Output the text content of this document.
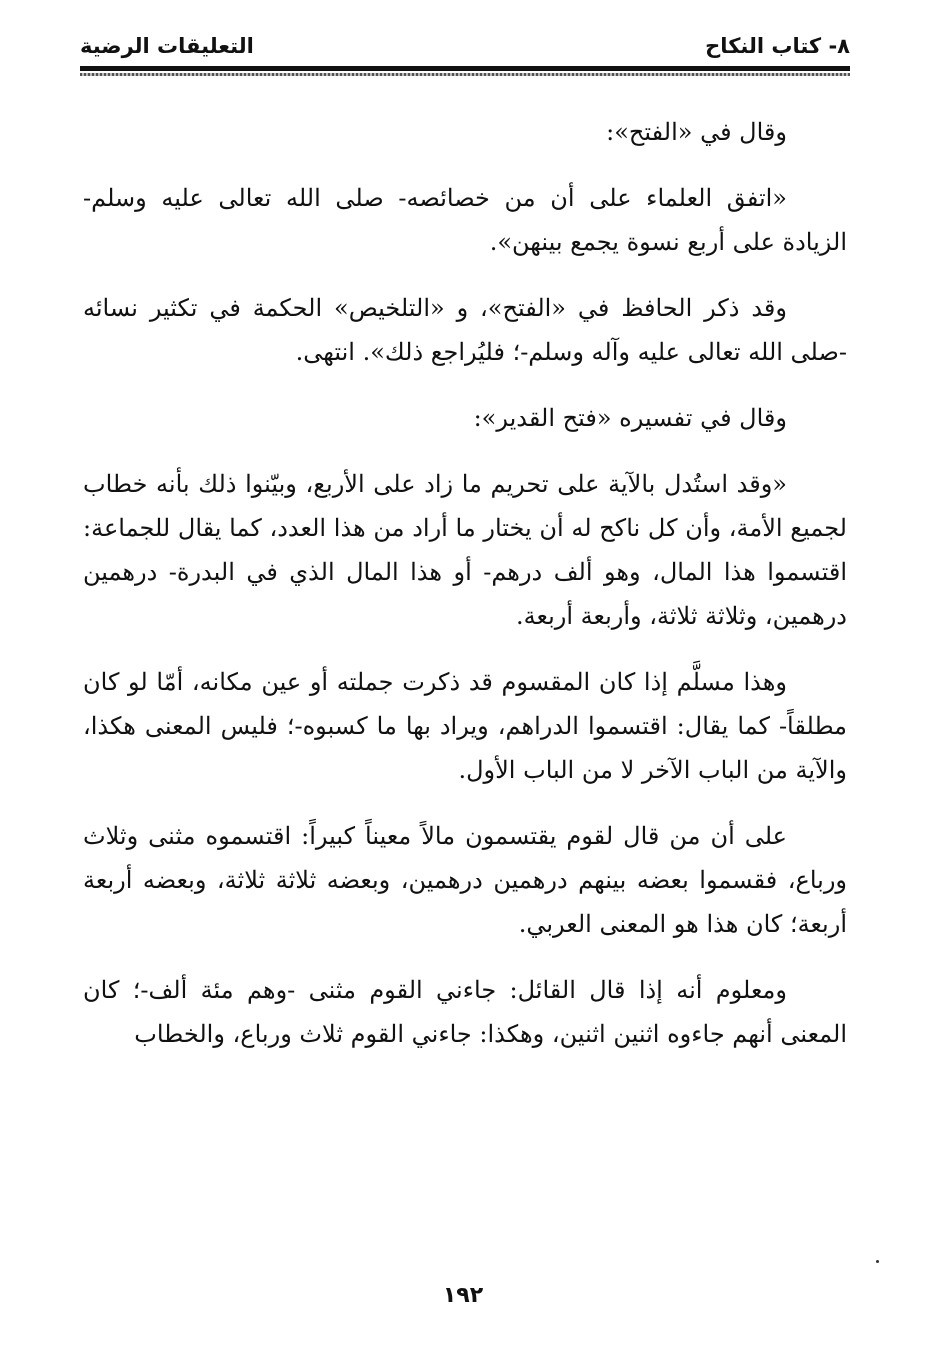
٨- كتاب النكاح
التعليقات الرضية

وقال في «الفتح»:

«اتفق العلماء على أن من خصائصه- صلى الله تعالى عليه وسلم- الزيادة على أربع نسوة يجمع بينهن».

وقد ذكر الحافظ في «الفتح»، و «التلخيص» الحكمة في تكثير نسائه -صلى الله تعالى عليه وآله وسلم-؛ فليُراجع ذلك». انتهى.

وقال في تفسيره «فتح القدير»:

«وقد استُدل بالآية على تحريم ما زاد على الأربع، وبيّنوا ذلك بأنه خطاب لجميع الأمة، وأن كل ناكح له أن يختار ما أراد من هذا العدد، كما يقال للجماعة: اقتسموا هذا المال، وهو ألف درهم- أو هذا المال الذي في البدرة- درهمين درهمين، وثلاثة ثلاثة، وأربعة أربعة.

وهذا مسلَّم إذا كان المقسوم قد ذكرت جملته أو عين مكانه، أمّا لو كان مطلقاً- كما يقال: اقتسموا الدراهم، ويراد بها ما كسبوه-؛ فليس المعنى هكذا، والآية من الباب الآخر لا من الباب الأول.

على أن من قال لقوم يقتسمون مالاً معيناً كبيراً: اقتسموه مثنى وثلاث ورباع، فقسموا بعضه بينهم درهمين درهمين، وبعضه ثلاثة ثلاثة، وبعضه أربعة أربعة؛ كان هذا هو المعنى العربي.

ومعلوم أنه إذا قال القائل: جاءني القوم مثنى -وهم مئة ألف-؛ كان المعنى أنهم جاءوه اثنين اثنين، وهكذا: جاءني القوم ثلاث ورباع، والخطاب

١٩٢
